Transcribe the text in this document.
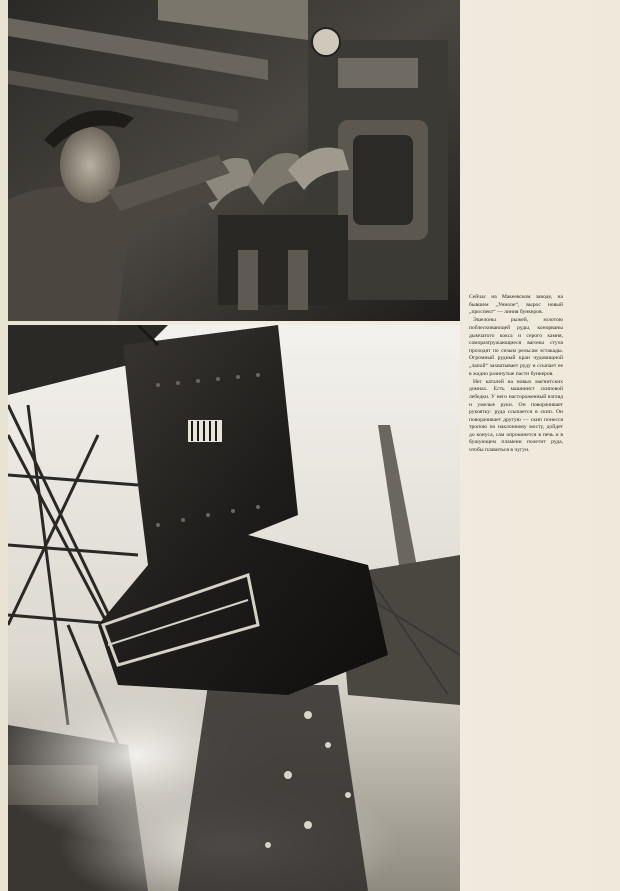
Сейчас на Макеевском заводе, на бывшем „Униone“, вырос новый „проспект“ — линия бункеров.

Эшелоны рыжей, золотою поблескивающей руды, конорваны дымчатого кокса и серого камня, саморазгружающиеся вагоны стуча проходят по сизым рельсам эстакады. Огромный рудный кран чудовищной „лапой“ захватывает руду и ссыпает ее в жадно разинутые пасти бункеров.

Нет каталей на новых магнитских домнах. Есть машинист скиповой лебедки. У него настороженный взгляд и умелые руки. Он поворачивает рукоятку: руда ссыпается в скип. Он поворачивает другую — скип понесся тропою по наклонному мосту, дойдет до конуса, сам опрокинется в печь и в бушующем пламени полетит руда, чтобы плавиться в чугун.
